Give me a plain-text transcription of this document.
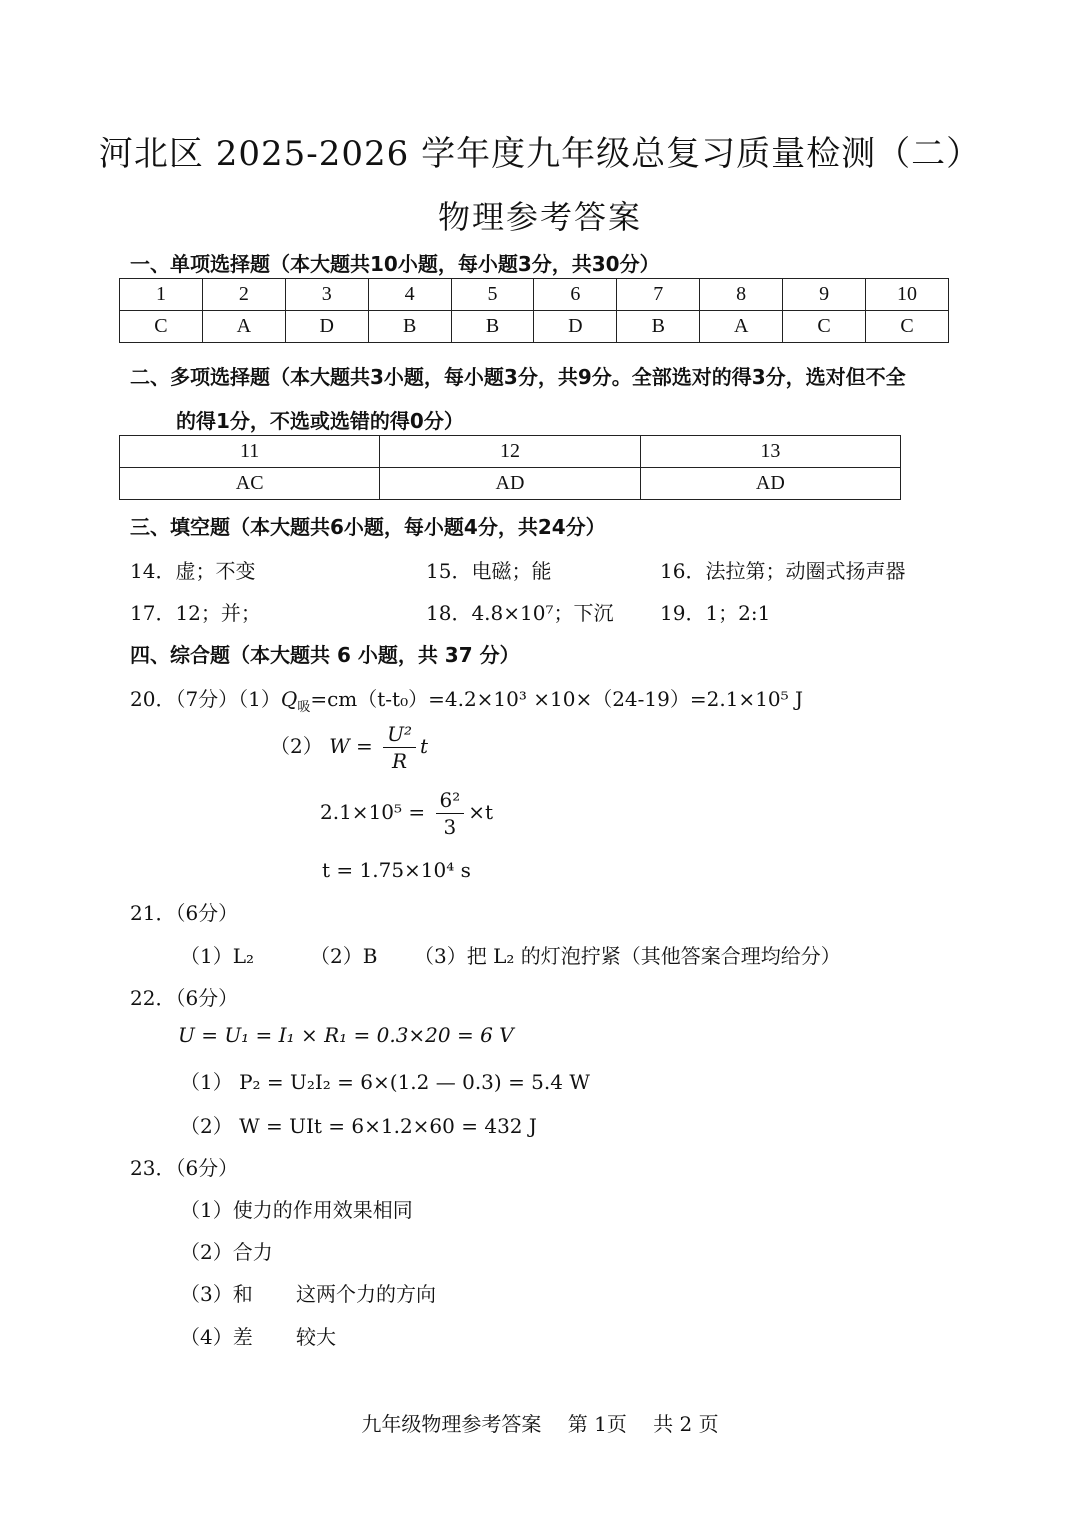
河北区 2025-2026 学年度九年级总复习质量检测（二）
物理参考答案
一、单项选择题（本大题共10小题，每小题3分，共30分）
1	2	3	4	5	6	7	8	9	10
C	A	D	B	B	D	B	A	C	C
二、多项选择题（本大题共3小题，每小题3分，共9分。全部选对的得3分，选对但不全
的得1分，不选或选错的得0分）
11	12	13
AC	AD	AD
三、填空题（本大题共6小题，每小题4分，共24分）
14．虚；不变	15．电磁；能	16．法拉第；动圈式扬声器
17．12；并；	18．4.8×10⁷；下沉 19．1；2:1
四、综合题（本大题共 6 小题，共 37 分）
20．（7分）$(1)Q_吸=cm(t-t_0)=4.2\times 10^3 \times 10\times(24-19)=2.1\times 10^5$ J
（2） $W = \frac{\text{U²}}{R}$ t
$2.1\times 10^5 = \frac{\text{6²}}{3} \times t$
t = 1.75×10⁴ s
21．（6分）
（1）L₂	（2）B （3）把 L₂ 的灯泡拧紧（其他答案合理均给分）
22．（6分）
U = U₁ = I₁ × R₁ = 0.3×20 = 6 V
（1） P₂ = U₂I₂ = 6×(1.2 — 0.3) = 5.4 W
（2） W = UIt = 6×1.2×60 = 432 J
23．（6分）
（1）使力的作用效果相同
（2）合力
（3）和 这两个力的方向
（4）差 较大
九年级物理参考答案　 第 1页　 共 2 页
